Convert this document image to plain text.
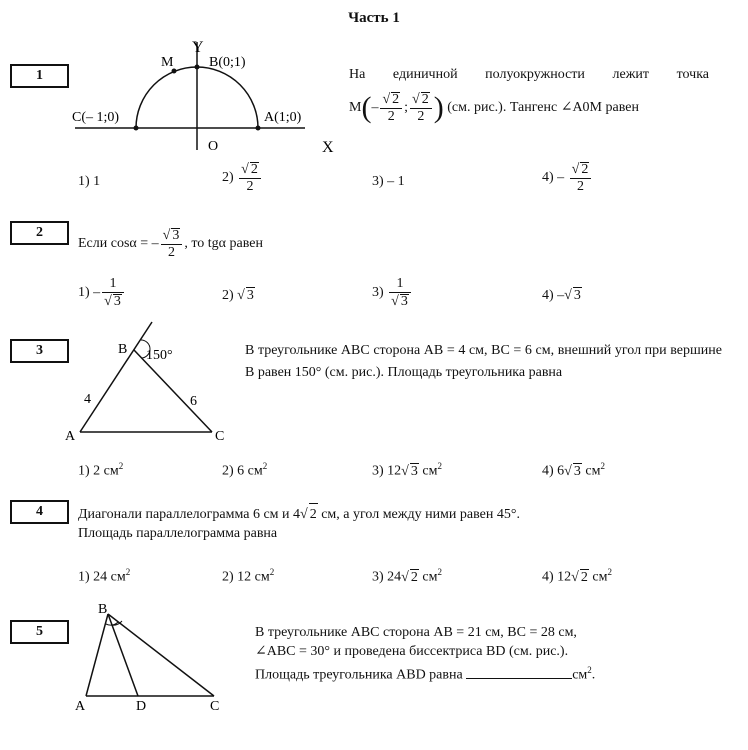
Часть 1
1
Y
X
O
M	B(0;1)
A(1;0)
C(– 1;0)
На единичной полуокружности лежит точка
$M(- \frac{√ 2}{2}$ ; $\frac{√ 2}{2}$ ) (см. рис.). Тангенс ∠A0M равен
1) 1	$2) \frac{√ 2}{2}$	3) – 1	$4) - \frac{√ 2}{2}$
2
Если cosα = – $\frac{√ 3}{2}$ , то tgα равен
$1) - \frac{1}{√ 3}$	2) √ 3	$3) \frac{1}{√ 3}$	4) –√ 3
3	B 150°
A	C
4	6
В треугольнике ABC сторона AB = 4 см, BC = 6 см, внешний угол при вершине B равен 150° (см. рис.). Площадь треугольника равна
1) 2 $см^2$	2) 6 $см^2$	3) 12√ 3 $см^2$	4) 6√ 3 $см^2$
4	Диагонали параллелограмма 6 см и 4√ 2 см, а угол между ними равен 45°.
Площадь параллелограмма равна
1) 24 $см^2$	2) 12 $см^2$	3) 24√ 2 $см^2$	4) 12√ 2 $см^2$
5
B
A	D	C
В треугольнике ABC сторона AB = 21 см, BC = 28 см,
∠ABC = 30° и проведена биссектриса BD (см. рис.).
Площадь треугольника ABD равна	$см^2$.
